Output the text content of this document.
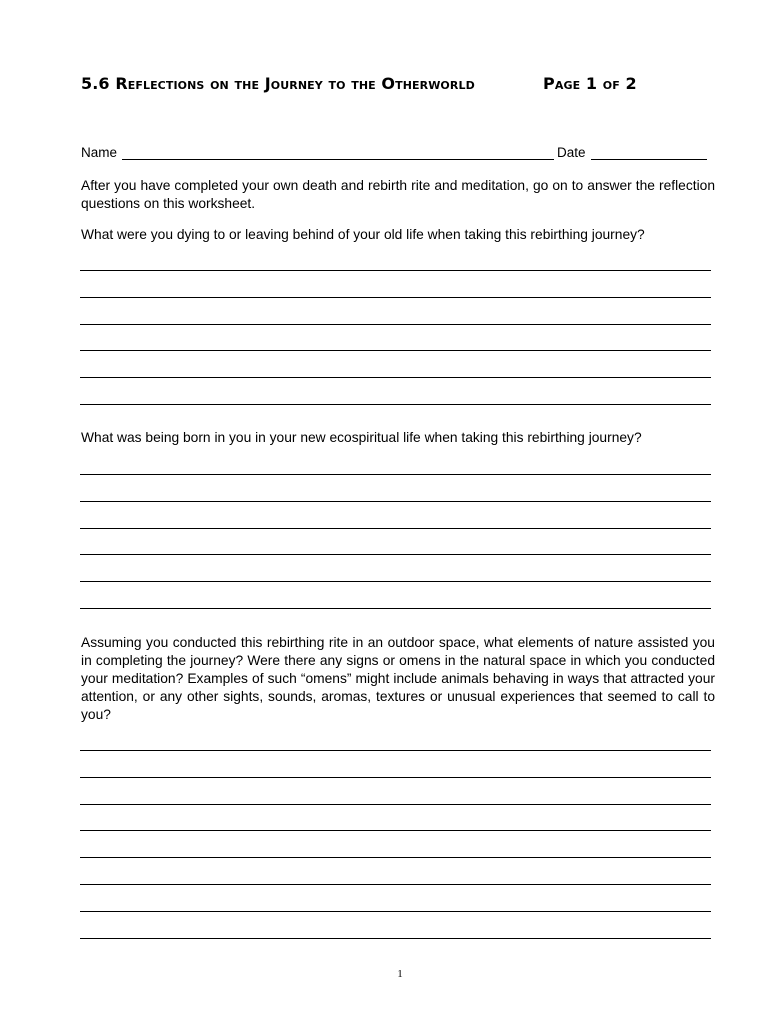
5.6 Reflections on the Journey to the Otherworld	Page 1 of 2
Name	Date
After you have completed your own death and rebirth rite and meditation, go on to answer the reflection questions on this worksheet.
What were you dying to or leaving behind of your old life when taking this rebirthing journey?
What was being born in you in your new ecospiritual life when taking this rebirthing journey?
Assuming you conducted this rebirthing rite in an outdoor space, what elements of nature assisted you in completing the journey? Were there any signs or omens in the natural space in which you conducted your meditation? Examples of such “omens” might include animals behaving in ways that attracted your attention, or any other sights, sounds, aromas, textures or unusual experiences that seemed to call to you?
1
